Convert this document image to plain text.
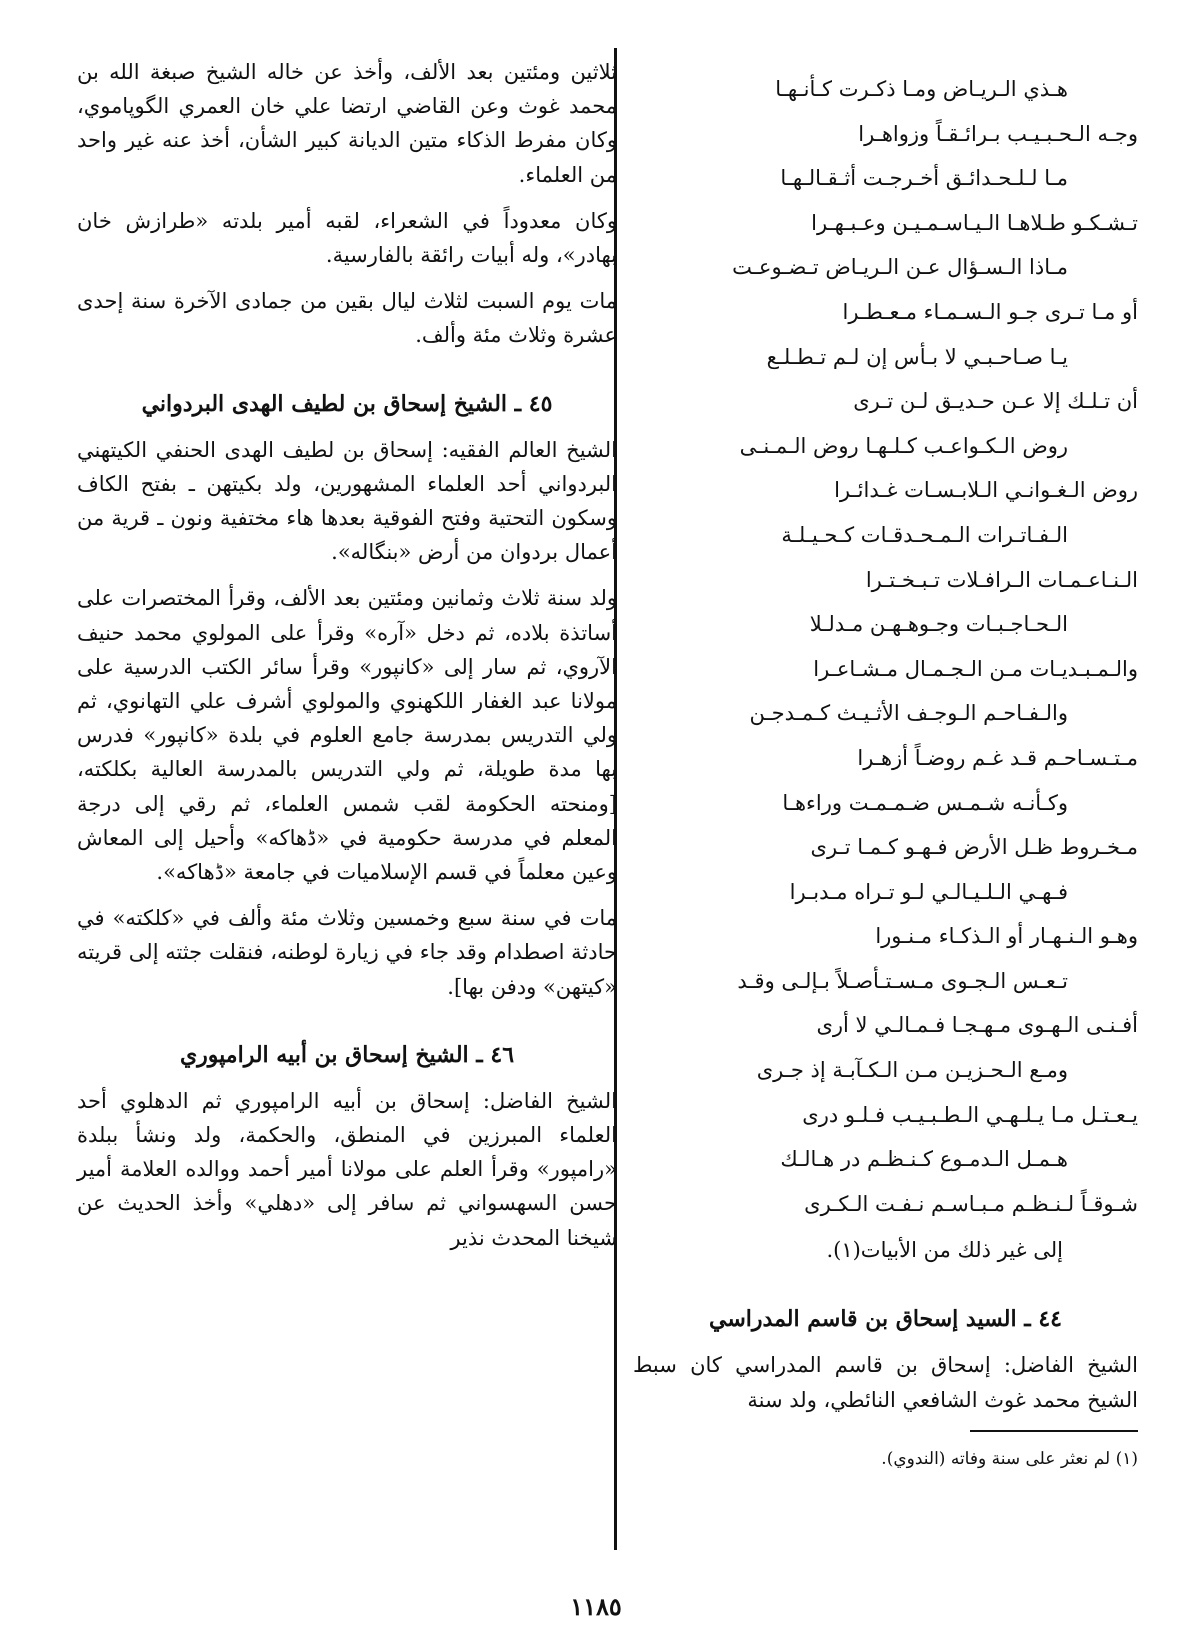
هـذي الـريـاض ومـا ذكـرت كـأنـهـا

وجـه الـحـبـيـب بـرائـقـاً وزواهـرا

مـا لـلـحـدائـق أخـرجـت أثـقـالـهـا

تـشـكـو طـلاهـا الـيـاسـمـيـن وعـبـهـرا

مـاذا الـسـؤال عـن الـريـاض تـضـوعـت

أو مـا تـرى جـو الـسـمـاء مـعـطـرا

يـا صـاحـبـي لا بـأس إن لـم تـطـلـع

أن تـلـك إلا عـن حـديـق لـن تـرى

روض الـكـواعـب كـلـهـا روض الـمـنـى

روض الـغـوانـي الـلابـسـات غـدائـرا

الـفـاتـرات الـمـحـدقـات كـحـيـلـة

الـنـاعـمـات الـرافـلات تـبـخـتـرا

الـحـاجـبـات وجـوهـهـن مـدلـلا

والـمـبـديـات مـن الـجـمـال مـشـاعـرا

والـفـاحـم الـوجـف الأثـيـث كـمـدجـن

مـتـسـاحـم قـد غـم روضـاً أزهـرا

وكـأنـه شـمـس ضـمـمـت وراءهـا

مـخـروط ظـل الأرض فـهـو كـمـا تـرى

فـهـي الـلـيـالـي لـو تـراه مـدبـرا

وهـو الـنـهـار أو الـذكـاء مـنـورا

تـعـس الـجـوى مـسـتـأصـلاً بـإلـى وقـد

أفـنـى الـهـوى مـهـجـا فـمـالـي لا أرى

ومـع الـحـزيـن مـن الـكـآبـة إذ جـرى

يـعـتـل مـا يـلـهـي الـطـبـيـب فـلـو درى

هـمـل الـدمـوع كـنـظـم در هـالـك

شـوقـاً لـنـظـم مـبـاسـم نـفـت الـكـرى

إلى غير ذلك من الأبيات(١).

٤٤ ـ السيد إسحاق بن قاسم المدراسي

الشيخ الفاضل: إسحاق بن قاسم المدراسي كان سبط الشيخ محمد غوث الشافعي النائطي، ولد سنة

ثلاثين ومئتين بعد الألف، وأخذ عن خاله الشيخ صبغة الله بن محمد غوث وعن القاضي ارتضا علي خان العمري الگوپاموي، وكان مفرط الذكاء متين الديانة كبير الشأن، أخذ عنه غير واحد من العلماء.

وكان معدوداً في الشعراء، لقبه أمير بلدته «طرازش خان بهادر»، وله أبيات رائقة بالفارسية.

مات يوم السبت لثلاث ليال بقين من جمادى الآخرة سنة إحدى عشرة وثلاث مئة وألف.

٤٥ ـ الشيخ إسحاق بن لطيف الهدى البردواني

الشيخ العالم الفقيه: إسحاق بن لطيف الهدى الحنفي الكيتهني البردواني أحد العلماء المشهورين، ولد بكيتهن ـ بفتح الكاف وسكون التحتية وفتح الفوقية بعدها هاء مختفية ونون ـ قرية من أعمال بردوان من أرض «بنگاله».

ولد سنة ثلاث وثمانين ومئتين بعد الألف، وقرأ المختصرات على أساتذة بلاده، ثم دخل «آره» وقرأ على المولوي محمد حنيف الآروي، ثم سار إلى «كانپور» وقرأ سائر الكتب الدرسية على مولانا عبد الغفار اللكهنوي والمولوي أشرف علي التهانوي، ثم ولي التدريس بمدرسة جامع العلوم في بلدة «كانپور» فدرس بها مدة طويلة، ثم ولي التدريس بالمدرسة العالية بكلكته، [ومنحته الحكومة لقب شمس العلماء، ثم رقي إلى درجة المعلم في مدرسة حكومية في «ڈهاكه» وأحيل إلى المعاش وعين معلماً في قسم الإسلاميات في جامعة «ڈهاكه».

مات في سنة سبع وخمسين وثلاث مئة وألف في «كلكته» في حادثة اصطدام وقد جاء في زيارة لوطنه، فنقلت جثته إلى قريته «كيتهن» ودفن بها].

٤٦ ـ الشيخ إسحاق بن أبيه الرامپوري

الشيخ الفاضل: إسحاق بن أبيه الرامپوري ثم الدهلوي أحد العلماء المبرزين في المنطق، والحكمة، ولد ونشأ ببلدة «رامپور» وقرأ العلم على مولانا أمير أحمد ووالده العلامة أمير حسن السهسواني ثم سافر إلى «دهلي» وأخذ الحديث عن شيخنا المحدث نذير

(١) لم نعثر على سنة وفاته (الندوي).
١١٨٥
